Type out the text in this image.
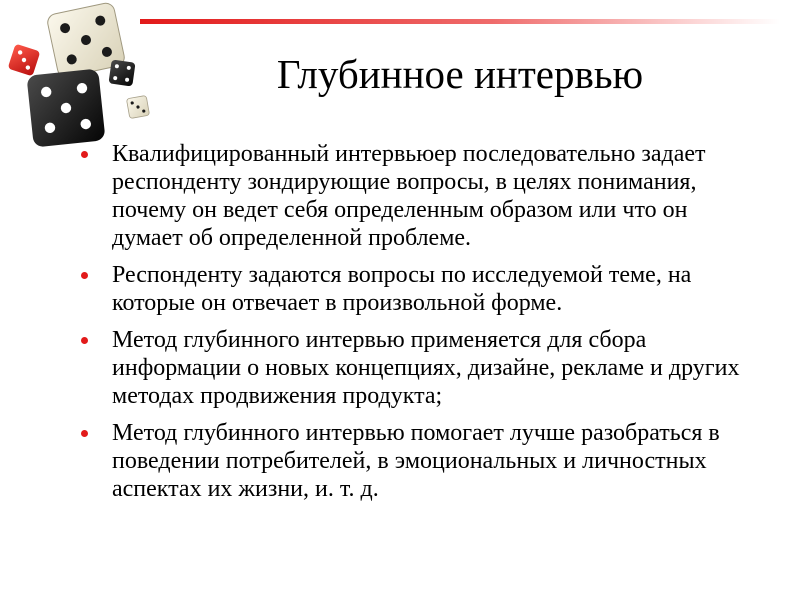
Глубинное интервью
Квалифицированный интервьюер последовательно задает респонденту зондирующие вопросы, в целях понимания, почему он ведет себя определенным образом или что он думает об определенной проблеме.
Респонденту задаются вопросы по исследуемой теме, на которые он отвечает в произвольной форме.
Метод глубинного интервью применяется для сбора информации о новых концепциях, дизайне, рекламе и других методах продвижения продукта;
Метод глубинного интервью помогает лучше разобраться в поведении потребителей, в эмоциональных и личностных аспектах их жизни, и. т. д.
